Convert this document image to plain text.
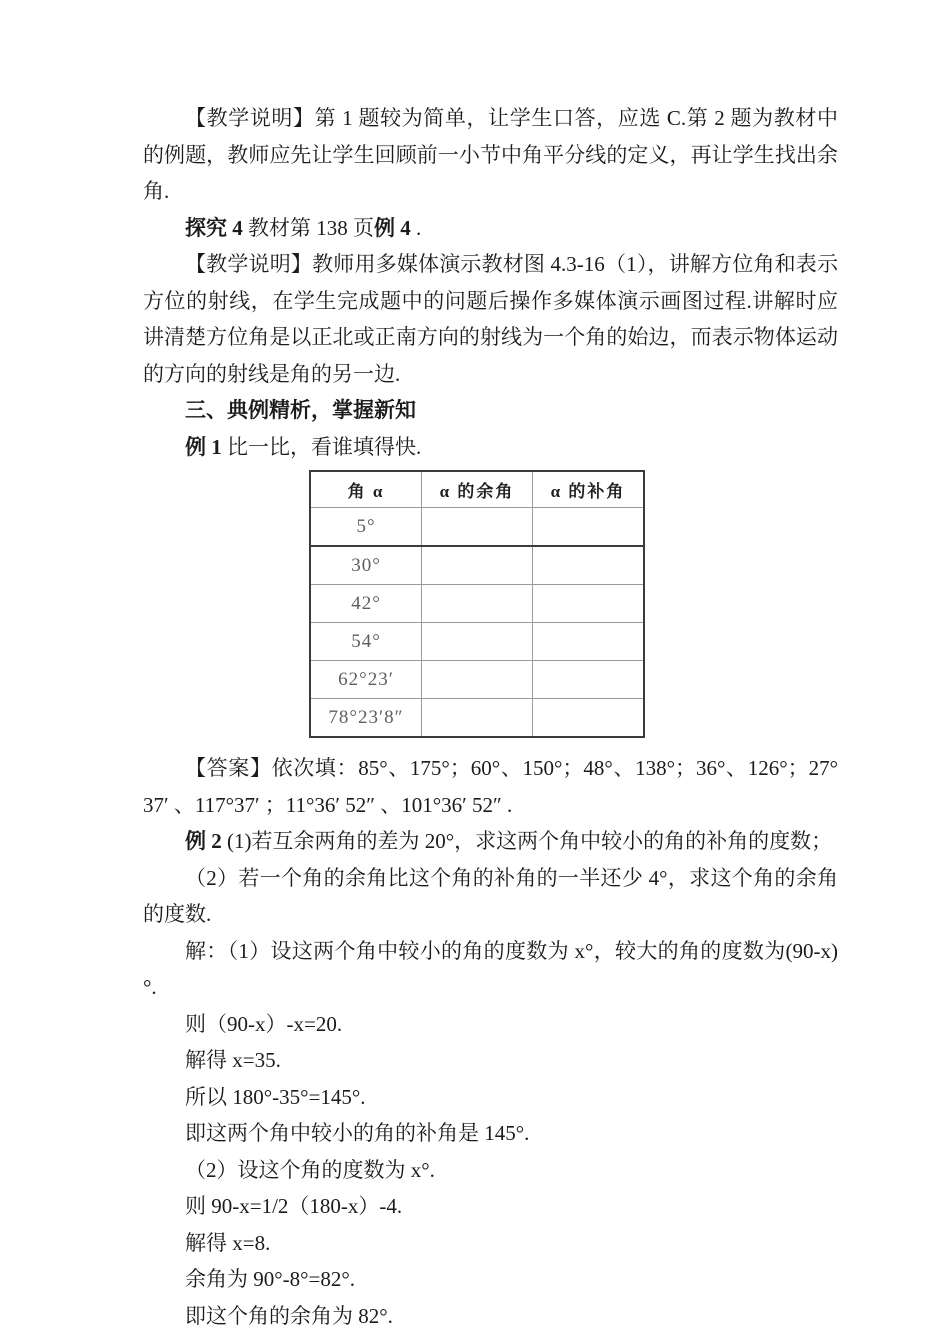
【教学说明】第 1 题较为简单，让学生口答，应选 C.第 2 题为教材中的例题，教师应先让学生回顾前一小节中角平分线的定义，再让学生找出余角.

探究 4 教材第 138 页例 4 .

【教学说明】教师用多媒体演示教材图 4.3-16（1），讲解方位角和表示方位的射线，在学生完成题中的问题后操作多媒体演示画图过程.讲解时应讲清楚方位角是以正北或正南方向的射线为一个角的始边，而表示物体运动的方向的射线是角的另一边.

三、典例精析，掌握新知

例 1 比一比，看谁填得快.

角 α	α 的余角	α 的补角
5°		
30°		
42°		
54°		
62°23′		
78°23′8″		

【答案】依次填：85°、175°；60°、150°；48°、138°；36°、126°；27°37′ 、117°37′ ；11°36′ 52″ 、101°36′ 52″ .

例 2 (1)若互余两角的差为 20°，求这两个角中较小的角的补角的度数；

（2）若一个角的余角比这个角的补角的一半还少 4°，求这个角的余角的度数.

解：（1）设这两个角中较小的角的度数为 x°，较大的角的度数为(90-x)°.

则（90-x）-x=20.

解得 x=35.

所以 180°-35°=145°.

即这两个角中较小的角的补角是 145°.

（2）设这个角的度数为 x°.

则 90-x=1/2（180-x）-4.

解得 x=8.

余角为 90°-8°=82°.

即这个角的余角为 82°.
